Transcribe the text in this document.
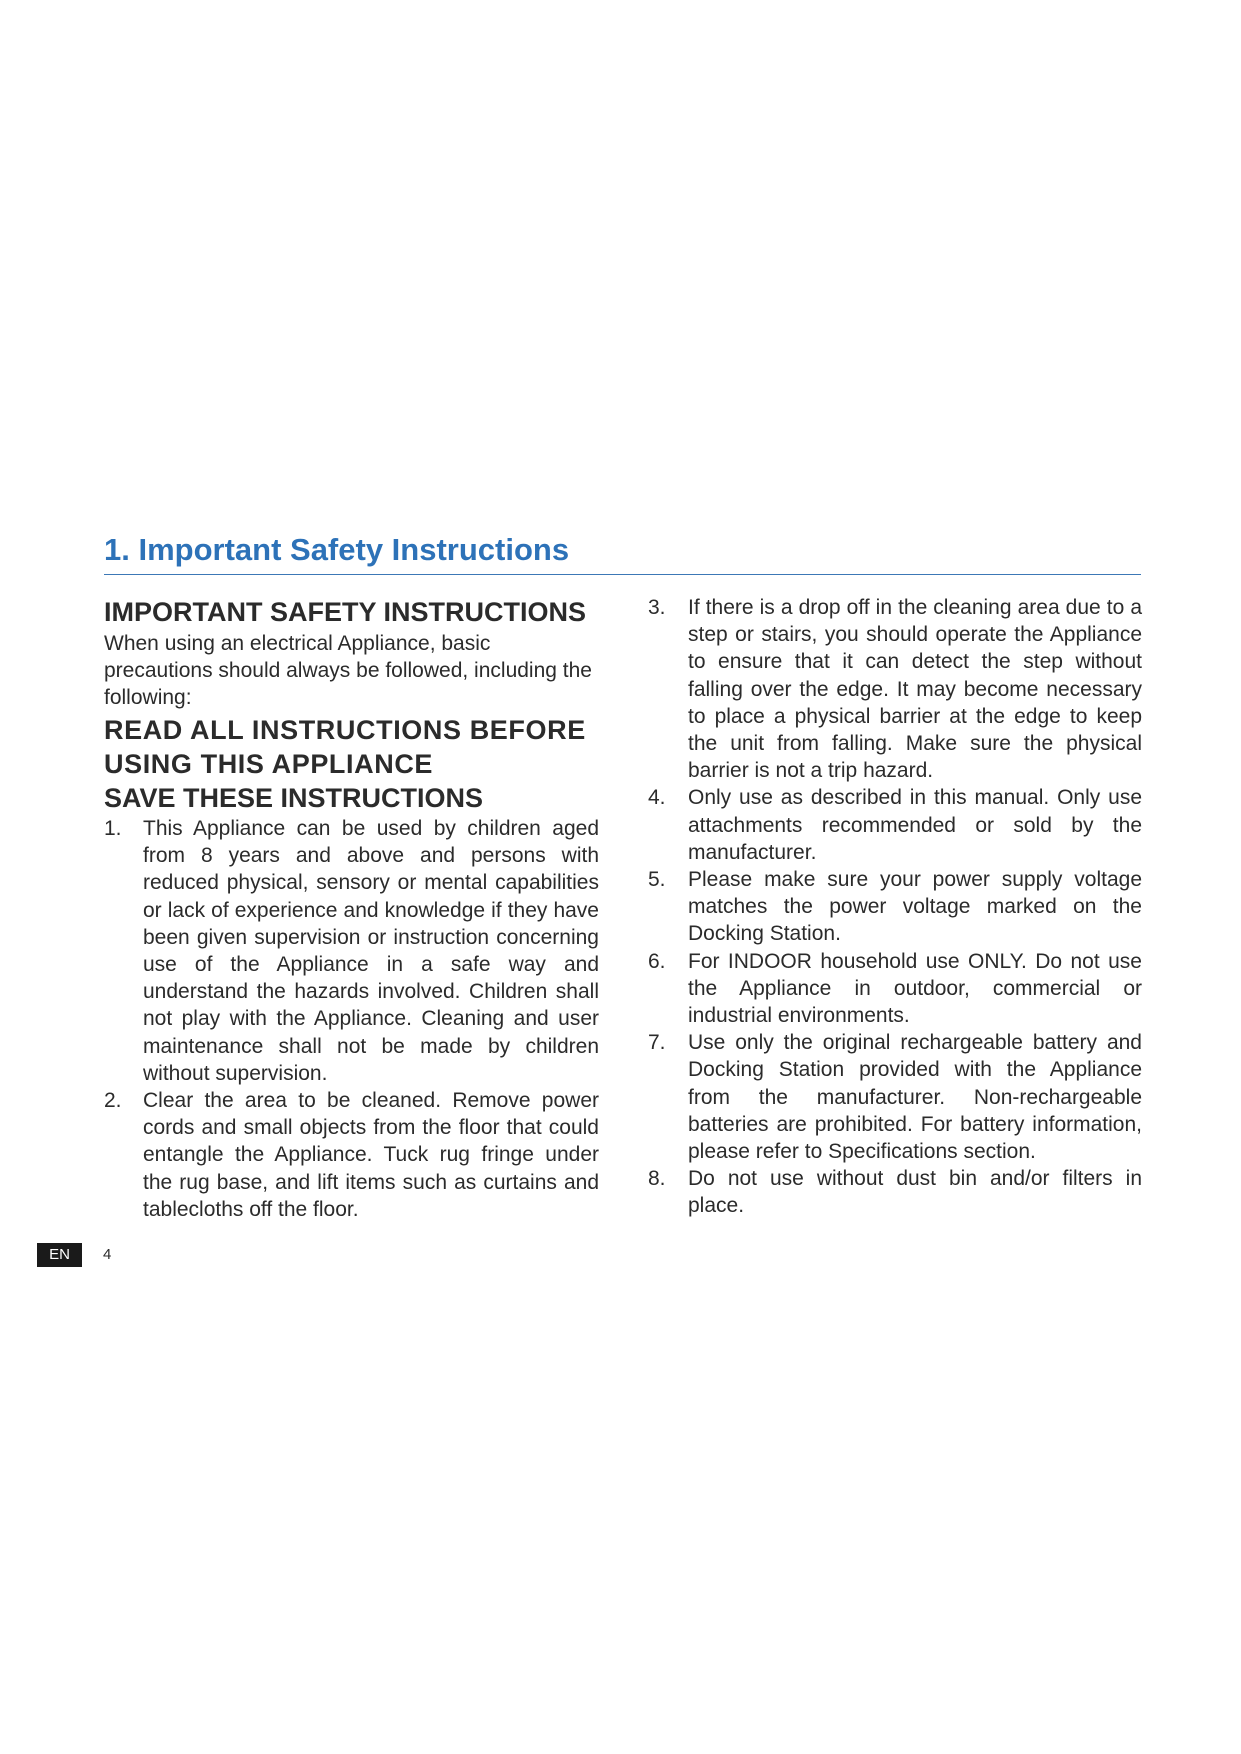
1. Important Safety Instructions
IMPORTANT SAFETY INSTRUCTIONS

When using an electrical Appliance, basic precautions should always be followed, including the following:

READ ALL INSTRUCTIONS BEFORE USING THIS APPLIANCE
SAVE THESE INSTRUCTIONS
1. This Appliance can be used by children aged from 8 years and above and persons with reduced physical, sensory or mental capabilities or lack of experience and knowledge if they have been given supervision or instruction concerning use of the Appliance in a safe way and understand the hazards involved. Children shall not play with the Appliance. Cleaning and user maintenance shall not be made by children without supervision.
2. Clear the area to be cleaned. Remove power cords and small objects from the floor that could entangle the Appliance. Tuck rug fringe under the rug base, and lift items such as curtains and tablecloths off the floor.
3. If there is a drop off in the cleaning area due to a step or stairs, you should operate the Appliance to ensure that it can detect the step without falling over the edge. It may become necessary to place a physical barrier at the edge to keep the unit from falling. Make sure the physical barrier is not a trip hazard.
4. Only use as described in this manual. Only use attachments recommended or sold by the manufacturer.
5. Please make sure your power supply voltage matches the power voltage marked on the Docking Station.
6. For INDOOR household use ONLY. Do not use the Appliance in outdoor, commercial or industrial environments.
7. Use only the original rechargeable battery and Docking Station provided with the Appliance from the manufacturer. Non-rechargeable batteries are prohibited. For battery information, please refer to Specifications section.
8. Do not use without dust bin and/or filters in place.
EN	4
